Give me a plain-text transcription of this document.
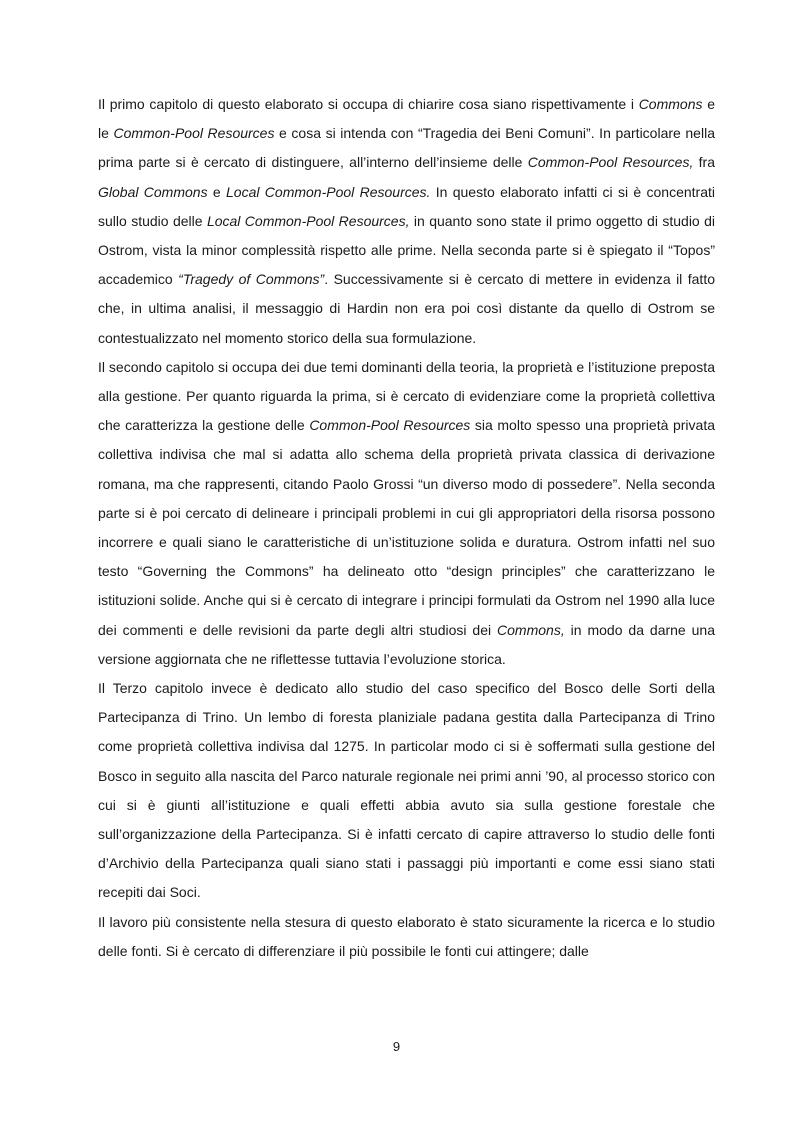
Il primo capitolo di questo elaborato si occupa di chiarire cosa siano rispettivamente i Commons e le Common-Pool Resources e cosa si intenda con “Tragedia dei Beni Comuni”. In particolare nella prima parte si è cercato di distinguere, all’interno dell’insieme delle Common-Pool Resources, fra Global Commons e Local Common-Pool Resources. In questo elaborato infatti ci si è concentrati sullo studio delle Local Common-Pool Resources, in quanto sono state il primo oggetto di studio di Ostrom, vista la minor complessità rispetto alle prime. Nella seconda parte si è spiegato il “Topos” accademico “Tragedy of Commons”. Successivamente si è cercato di mettere in evidenza il fatto che, in ultima analisi, il messaggio di Hardin non era poi così distante da quello di Ostrom se contestualizzato nel momento storico della sua formulazione.

Il secondo capitolo si occupa dei due temi dominanti della teoria, la proprietà e l’istituzione preposta alla gestione. Per quanto riguarda la prima, si è cercato di evidenziare come la proprietà collettiva che caratterizza la gestione delle Common-Pool Resources sia molto spesso una proprietà privata collettiva indivisa che mal si adatta allo schema della proprietà privata classica di derivazione romana, ma che rappresenti, citando Paolo Grossi “un diverso modo di possedere”. Nella seconda parte si è poi cercato di delineare i principali problemi in cui gli appropriatori della risorsa possono incorrere e quali siano le caratteristiche di un’istituzione solida e duratura. Ostrom infatti nel suo testo “Governing the Commons” ha delineato otto “design principles” che caratterizzano le istituzioni solide. Anche qui si è cercato di integrare i principi formulati da Ostrom nel 1990 alla luce dei commenti e delle revisioni da parte degli altri studiosi dei Commons, in modo da darne una versione aggiornata che ne riflettesse tuttavia l’evoluzione storica.

Il Terzo capitolo invece è dedicato allo studio del caso specifico del Bosco delle Sorti della Partecipanza di Trino. Un lembo di foresta planiziale padana gestita dalla Partecipanza di Trino come proprietà collettiva indivisa dal 1275. In particolar modo ci si è soffermati sulla gestione del Bosco in seguito alla nascita del Parco naturale regionale nei primi anni ’90, al processo storico con cui si è giunti all’istituzione e quali effetti abbia avuto sia sulla gestione forestale che sull’organizzazione della Partecipanza. Si è infatti cercato di capire attraverso lo studio delle fonti d’Archivio della Partecipanza quali siano stati i passaggi più importanti e come essi siano stati recepiti dai Soci.

Il lavoro più consistente nella stesura di questo elaborato è stato sicuramente la ricerca e lo studio delle fonti. Si è cercato di differenziare il più possibile le fonti cui attingere; dalle

9
